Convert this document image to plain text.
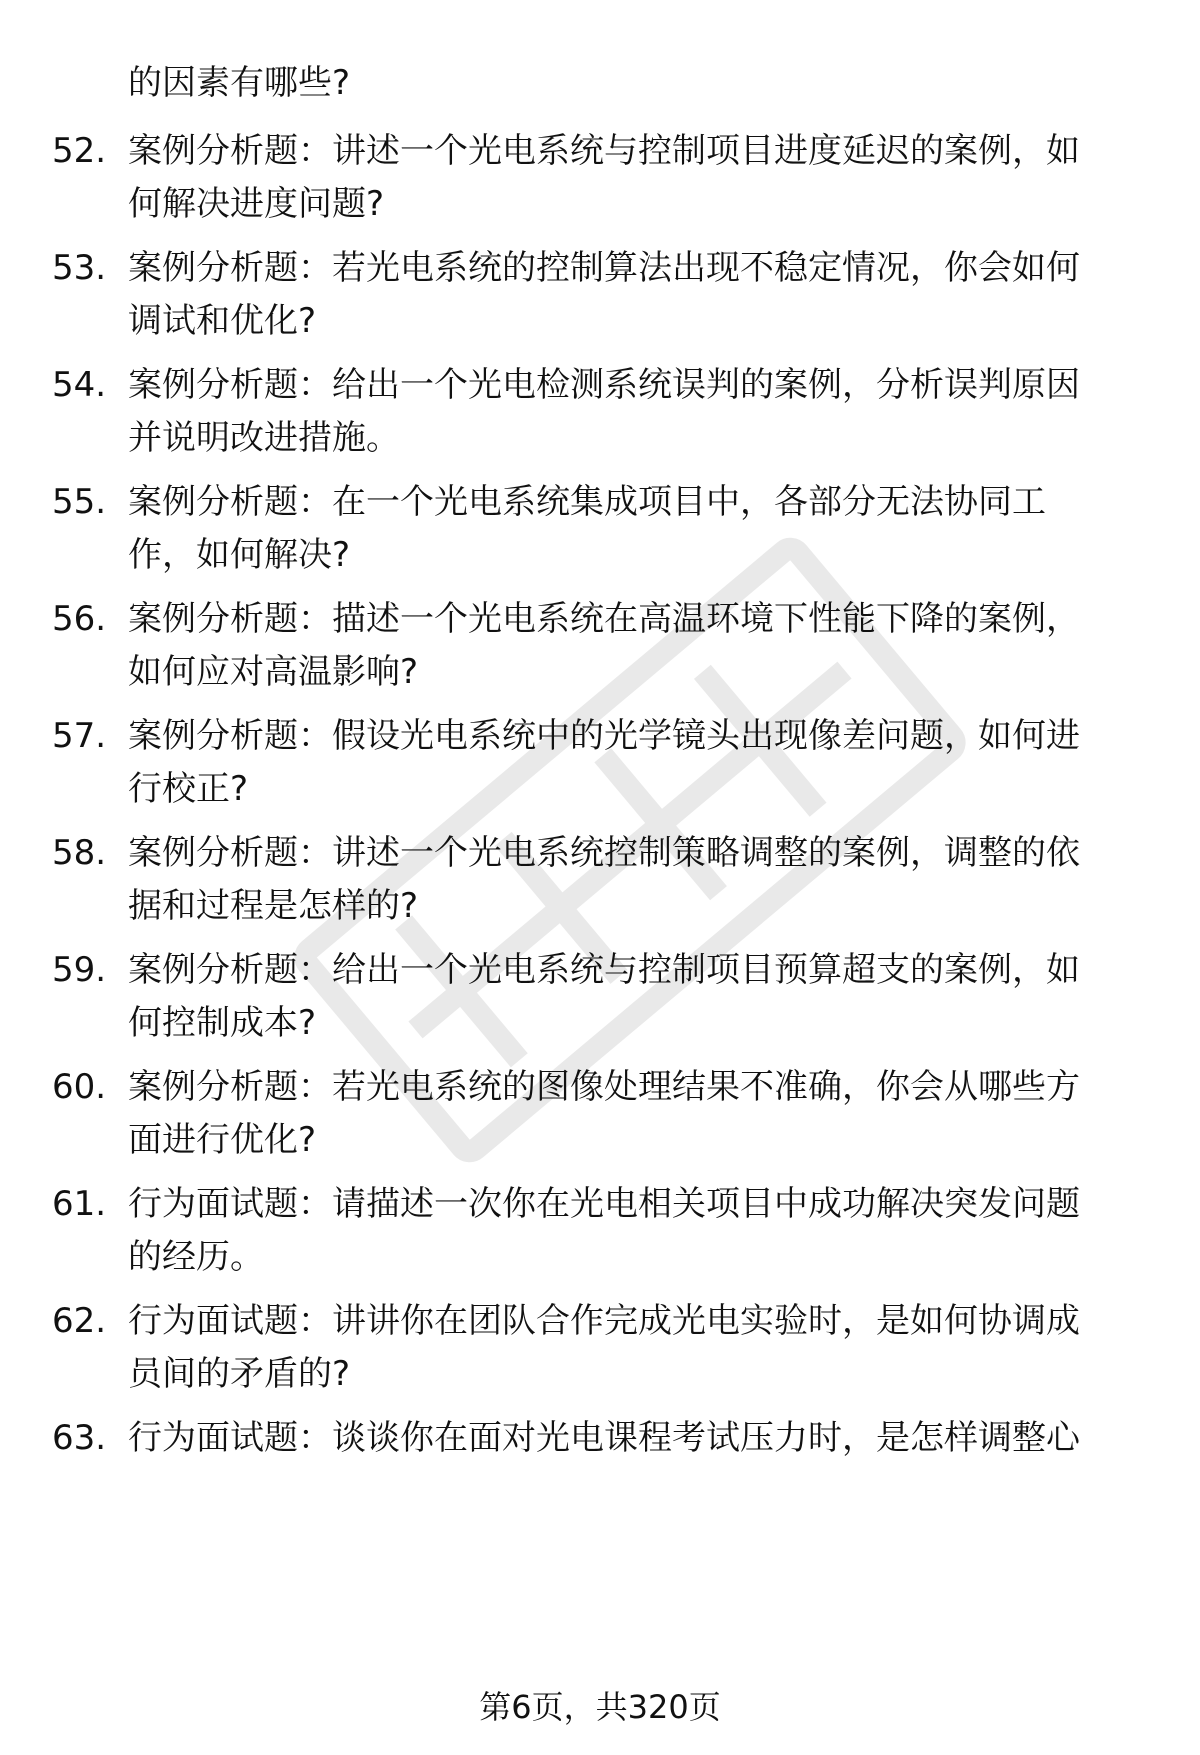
的因素有哪些?
52. 案例分析题：讲述一个光电系统与控制项目进度延迟的案例，如
何解决进度问题?
53. 案例分析题：若光电系统的控制算法出现不稳定情况，你会如何
调试和优化?
54. 案例分析题：给出一个光电检测系统误判的案例，分析误判原因
并说明改进措施。
55. 案例分析题：在一个光电系统集成项目中，各部分无法协同工
作，如何解决?
56. 案例分析题：描述一个光电系统在高温环境下性能下降的案例，
如何应对高温影响?
57. 案例分析题：假设光电系统中的光学镜头出现像差问题，如何进
行校正?
58. 案例分析题：讲述一个光电系统控制策略调整的案例，调整的依
据和过程是怎样的?
59. 案例分析题：给出一个光电系统与控制项目预算超支的案例，如
何控制成本?
60. 案例分析题：若光电系统的图像处理结果不准确，你会从哪些方
面进行优化?
61. 行为面试题：请描述一次你在光电相关项目中成功解决突发问题
的经历。
62. 行为面试题：讲讲你在团队合作完成光电实验时，是如何协调成
员间的矛盾的?
63. 行为面试题：谈谈你在面对光电课程考试压力时，是怎样调整心
第6页，共320页
